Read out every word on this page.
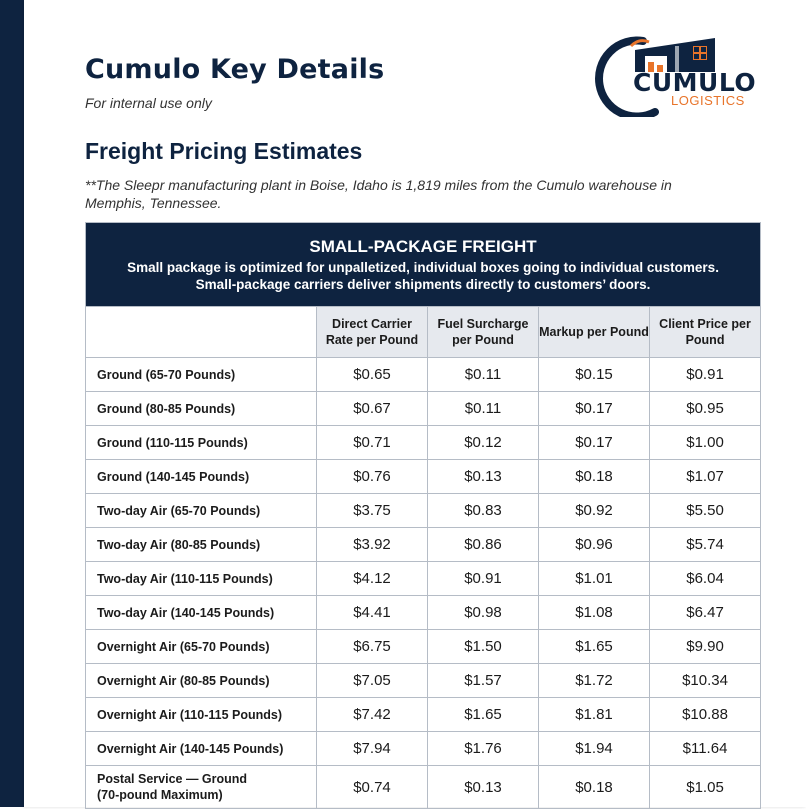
Cumulo Key Details
For internal use only
CUMULO
LOGISTICS
Freight Pricing Estimates
**The Sleepr manufacturing plant in Boise, Idaho is 1,819 miles from the Cumulo warehouse in Memphis, Tennessee.
SMALL-PACKAGE FREIGHT
Small package is optimized for unpalletized, individual boxes going to individual customers.
Small-package carriers deliver shipments directly to customers’ doors.				

	Direct Carrier Rate per Pound	Fuel Surcharge per Pound	Markup per Pound	Client Price per Pound
Ground (65-70 Pounds)	$0.65	$0.11	$0.15	$0.91
Ground (80-85 Pounds)	$0.67	$0.11	$0.17	$0.95
Ground (110-115 Pounds)	$0.71	$0.12	$0.17	$1.00
Ground (140-145 Pounds)	$0.76	$0.13	$0.18	$1.07
Two-day Air (65-70 Pounds)	$3.75	$0.83	$0.92	$5.50
Two-day Air (80-85 Pounds)	$3.92	$0.86	$0.96	$5.74
Two-day Air (110-115 Pounds)	$4.12	$0.91	$1.01	$6.04
Two-day Air (140-145 Pounds)	$4.41	$0.98	$1.08	$6.47
Overnight Air (65-70 Pounds)	$6.75	$1.50	$1.65	$9.90
Overnight Air (80-85 Pounds)	$7.05	$1.57	$1.72	$10.34
Overnight Air (110-115 Pounds)	$7.42	$1.65	$1.81	$10.88
Overnight Air (140-145 Pounds)	$7.94	$1.76	$1.94	$11.64

Postal Service — Ground
(70-pound Maximum)	$0.74	$0.13	$0.18	$1.05
